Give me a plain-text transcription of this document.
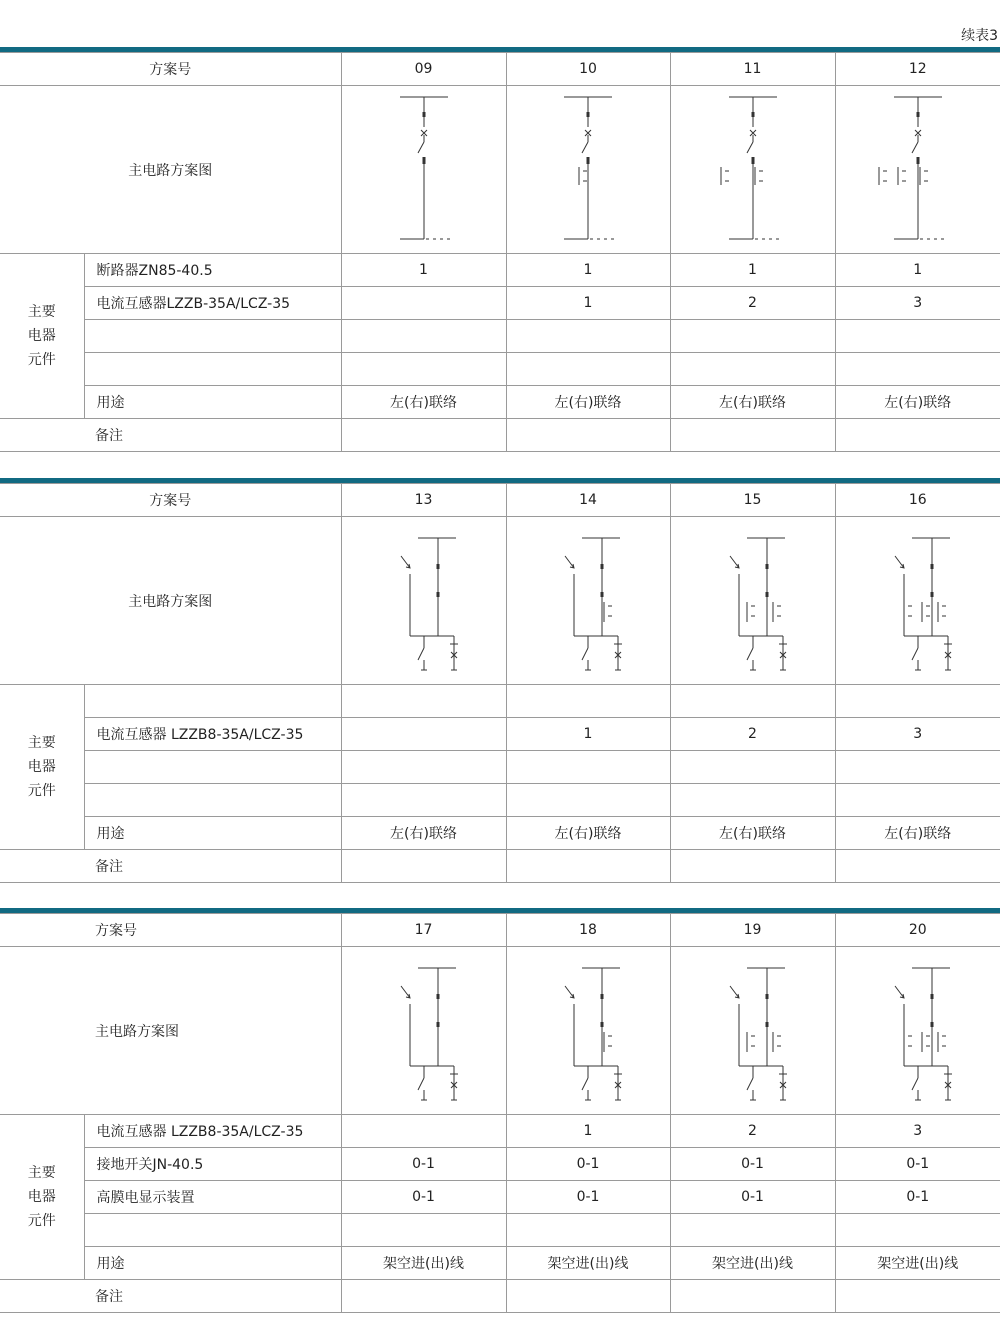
续表3
方案号		09	10	11	12
主电路方案图	

主要
电器
元件	断路器ZN85-40.5	1	1	1	1
	电流互感器LZZB-35A/LCZ-35		1	2	3

	用途	左(右)联络	左(右)联络	左(右)联络	左(右)联络
备注					
方案号		13	14	15	16
主电路方案图	

主要
电器
元件					

	电流互感器 LZZB8-35A/LCZ-35		1	2	3

	用途	左(右)联络	左(右)联络	左(右)联络	左(右)联络
备注					
方案号		17	18	19	20
主电路方案图	

主要
电器
元件	电流互感器 LZZB8-35A/LCZ-35		1	2	3
	接地开关JN-40.5	0-1	0-1	0-1	0-1
	高膜电显示装置	0-1	0-1	0-1	0-1

	用途	架空进(出)线	架空进(出)线	架空进(出)线	架空进(出)线
备注					
